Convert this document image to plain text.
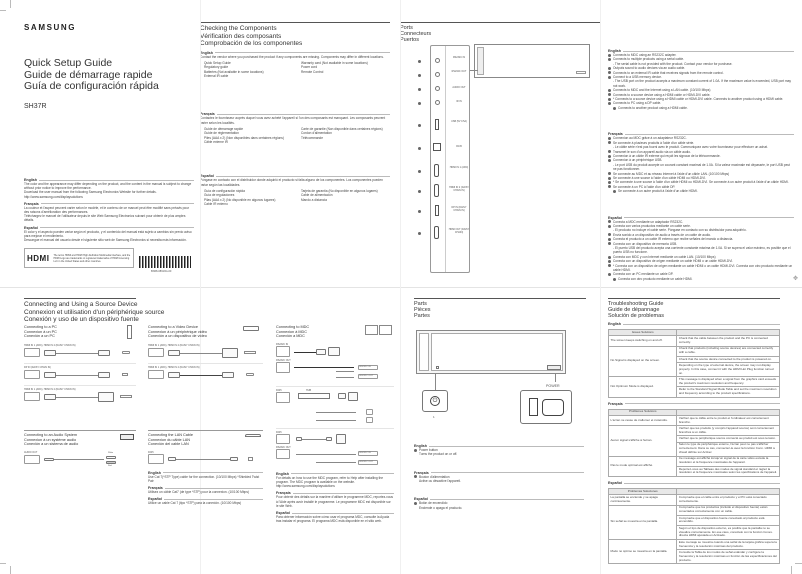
SAMSUNG
Quick Setup Guide
Guide de démarrage rapide
Guía de configuración rápida
SH37R
English
The color and the appearance may differ depending on the product, and the content in the manual is subject to change without prior notice to improve the performance.
Download the user manual from the following Samsung Electronics Website for further details. http://www.samsung.com/displaysolutions
Français
La couleur et l'aspect peuvent varier selon le modèle, et le contenu de ce manuel peut être modifié sans préavis pour des raisons d'amélioration des performances.
Téléchargez le manuel de l'utilisateur depuis le site Web Samsung Electronics suivant pour obtenir de plus amples détails.
Español
El color y el aspecto pueden variar según el producto, y el contenido del manual está sujeto a cambios sin previo aviso para mejorar el rendimiento.
Descargue el manual del usuario desde el siguiente sitio web de Samsung Electronics si necesita más información.
HDMI The terms HDMI and HDMI High-Definition Multimedia Interface, and the HDMI Logo are trademarks or registered trademarks of HDMI Licensing LLC in the United States and other countries.
BN68-08919G-00
Checking the Components
Vérification des composants
Comprobación de los componentes
English
Contact the vendor where you purchased the product if any components are missing. Components may differ in different locations.
Quick Setup Guide
Regulatory guide
Batteries (Not available in some locations)
External IR cable
Warranty card (Not available in some locations)
Power cord
Remote Control
Français
Contactez le fournisseur auprès duquel vous avez acheté l'appareil si l'un des composants est manquant. Les composants peuvent varier selon les localités.
Guide de démarrage rapide
Guide de réglementation
Piles (AAA x 2) (Non disponibles dans certaines régions)
Câble externe IR
Carte de garantie (Non disponible dans certaines régions)
Cordon d'alimentation
Télécommande
Español
Póngase en contacto con el distribuidor donde adquirió el producto si falta alguno de los componentes. Los componentes pueden variar según las localidades.
Guía de configuración rápida
Guía de regulaciones
Pilas (AAA x 2) (No disponible en algunos lugares)
Cable IR externo
Tarjeta de garantía (No disponible en algunos lugares)
Cable de alimentación
Mando a distancia
Ports
Connecteurs
Puertos
RS232C IN
RS232C OUT
AUDIO OUT
IR IN
USB (5V 0.5A)
RJ45
HDMI IN 1 (ARC)
HDMI IN 2 (DAISY CHAIN IN)
DP IN (DAISY CHAIN IN)
HDMI OUT (DAISY CHAIN)
English
Connects to MDC using an RS232C adapter.
Connects to multiple products using a serial cable.
- The serial cable is not provided with the product. Contact your vendor for purchase.
Outputs sound to audio devices via an audio cable.
Connects to an external IR cable that receives signals from the remote control.
Connect to a USB memory device.
- The USB port on the product accepts a maximum constant current of 1.0A. If the maximum value is exceeded, USB port may not work.
Connects to MDC and the Internet using a LAN cable. (10/100 Mbps)
Connects to a source device using a HDMI cable or HDMI-DVI cable.
* Connects to a source device using a HDMI cable or HDMI-DVI cable. Connects to another product using a HDMI cable.
Connects to PC using a DP cable.
Connects to another product using a HDMI cable.
Français
Connexion au MDC grâce à un adaptateur RS232C.
Se connecte à plusieurs produits à l'aide d'un câble série.
- Le câble série n'est pas fourni avec le produit. Communiquez avec votre fournisseur pour effectuer un achat.
Transmet le son d'un appareil audio via un câble audio.
Connexion à un câble IR externe qui reçoit les signaux de la télécommande.
Connexion à un périphérique USB.
- Le port USB du produit accepte un courant constant maximal de 1.0A. Si la valeur maximale est dépassée, le port USB peut ne pas fonctionner.
Se connecte au MDC et au réseau Internet à l'aide d'un câble LAN. (10/100 Mbps)
Se connecte à une source à l'aide d'un câble HDMI ou HDMI-DVI.
* Se connecte à une source à l'aide d'un câble HDMI ou HDMI-DVI. Se connecte à un autre produit à l'aide d'un câble HDMI.
Se connecte à un PC à l'aide d'un câble DP.
Se connecte à un autre produit à l'aide d'un câble HDMI.
Español
Conecta a MDC mediante un adaptador RS232C.
Conecta con varios productos mediante un cable serie.
- El producto no incluye el cable serie. Póngase en contacto con su distribuidor para adquirirlo.
Envía sonido a un dispositivo de audio a través de un cable de audio.
Conecta el producto a un cable IR externo que recibe señales del mando a distancia.
Conecta con un dispositivo de memoria USB.
- El puerto USB del producto acepta una corriente constante máxima de 1.0A. Si se supera el valor máximo, es posible que el puerto USB no funcione.
Conecta con MDC y con Internet mediante un cable LAN. (10/100 Mbps)
Conecta con un dispositivo de origen mediante un cable HDMI o un cable HDMI-DVI.
* Conecta con un dispositivo de origen mediante un cable HDMI o un cable HDMI-DVI. Conecta con otro producto mediante un cable HDMI.
Conecta con un PC mediante un cable DP.
Conecta con otro producto mediante un cable HDMI.	✥
Connecting and Using a Source Device
Connexion et utilisation d'un périphérique source
Conexión y uso de un dispositivo fuente
Connecting to a PC
Connexion à un PC
Conexión a un PC
HDMI IN 1 (ARC), HDMI IN 2 (DAISY CHAIN IN)
DP IN (DAISY CHAIN IN)
HDMI IN 1 (ARC), HDMI IN 2 (DAISY CHAIN IN)
Connecting to a Video Device
Connexion à un périphérique vidéo
Conexión a un dispositivo de vídeo
HDMI IN 1 (ARC), HDMI IN 2 (DAISY CHAIN IN)
HDMI IN 1 (ARC), HDMI IN 2 (DAISY CHAIN IN)
Connecting to MDC
Connexion à MDC
Conexión a MDC
RS232C IN
RS232C OUT
RS232C IN
RS232C OUT
RJ45	HUB
RJ45
RS232C OUT
RS232C IN
RS232C OUT
English
For details on how to use the MDC program, refer to Help after installing the program. The MDC program is available on the website.
http://www.samsung.com/displaysolutions
Français
Pour obtenir des détails sur la manière d'utiliser le programme MDC, reportez-vous à l'Aide après avoir installé le programme. Le programme MDC est disponible sur le site Web.
Español
Para obtener información sobre cómo usar el programa MDC, consulte la Ayuda tras instalar el programa. El programa MDC está disponible en el sitio web.
Connecting to an Audio System
Connexion à un système audio
Conexión a un sistema de audio
AUDIO OUT	White
Red
Connecting the LAN Cable
Connexion du câble LAN
Conexión del cable LAN
RJ45
English
Use Cat 7(*STP Type) cable for the connection. (10/100 Mbps) *Shielded Twist Pair
Français
Utilisez un câble Cat7 (de type *STP) pour la connexion. (10/100 Mbps)
Español
Utilice un cable Cat 7 (tipo *STP) para la conexión. (10/100 Mbps)
Parts
Pièces
Partes
⏻
1
POWER
English
Power button
Turns the product on or off.
Français
Bouton d'alimentation
Active ou désactive l'appareil.
Español
Botón de encendido
Enciende o apaga el producto.
Troubleshooting Guide
Guide de dépannage
Solución de problemas
English
Issues Solutions	
The screen keeps switching on and off.	Check that the cable between the product and the PC is connected correctly.
No Signal is displayed on the screen.	Check that products (including source devices) are connected correctly with a cable.
	Check that the source device connected to the product is powered on.
	Depending on the type of external device, the screen may not display properly. In this case, connect it with the HDMI Hot Plug function turned on.
Not Optimum Mode is displayed.	This message is displayed when a signal from the graphics card exceeds the product's maximum resolution and frequency.
	Refer to the Standard Signal Mode Table and set the maximum resolution and frequency according to the product specifications.
Français
Problèmes Solutions	
L'écran ne cesse de s'allumer et s'éteindre.	Vérifiez que le câble entre le produit et l'ordinateur est correctement branché.
Aucun signal s'affiche à l'écran.	Vérifiez que les produits (y compris l'appareil source) sont correctement branchés à un câble.
	Vérifiez que le périphérique source connecté au produit est sous tension.
	Selon le type de périphérique externe, l'écran peut ne pas s'afficher correctement. Dans ce cas, connectez-le avec la fonction Conn. HDMI à chaud définie sur Activer.
Pas le mode optimal est affiché.	Ce message est affiché lorsqu'un signal de la carte vidéo excède la résolution et la fréquence maximales de l'appareil.
	Reportez-vous au Tableau des modes de signal standard et réglez la résolution et la fréquence maximales selon les spécifications de l'appareil.
Español
Problemas Soluciones	
La pantalla se enciende y se apaga continuamente.	Compruebe que el cable entre el producto y el PC está conectado correctamente.
Sin señal se muestra en la pantalla.	Compruebe que los productos (incluido el dispositivo fuente) están conectados correctamente con un cable.
	Compruebe que el dispositivo fuente conectado al producto está encendido.
	Según el tipo de dispositivo externo, es posible que la pantalla no se visualice correctamente. En ese caso, conéctelo con la función Conex. directa HDMI ajustada en Activado.
Modo no óptimo se muestra en la pantalla.	Este mensaje se muestra cuando una señal de la tarjeta gráfica supera la frecuencia y la resolución máximas del producto.
	Consulte la Tabla de los modos de señal estándar y configure la frecuencia y la resolución máximas en función de las especificaciones del producto.
